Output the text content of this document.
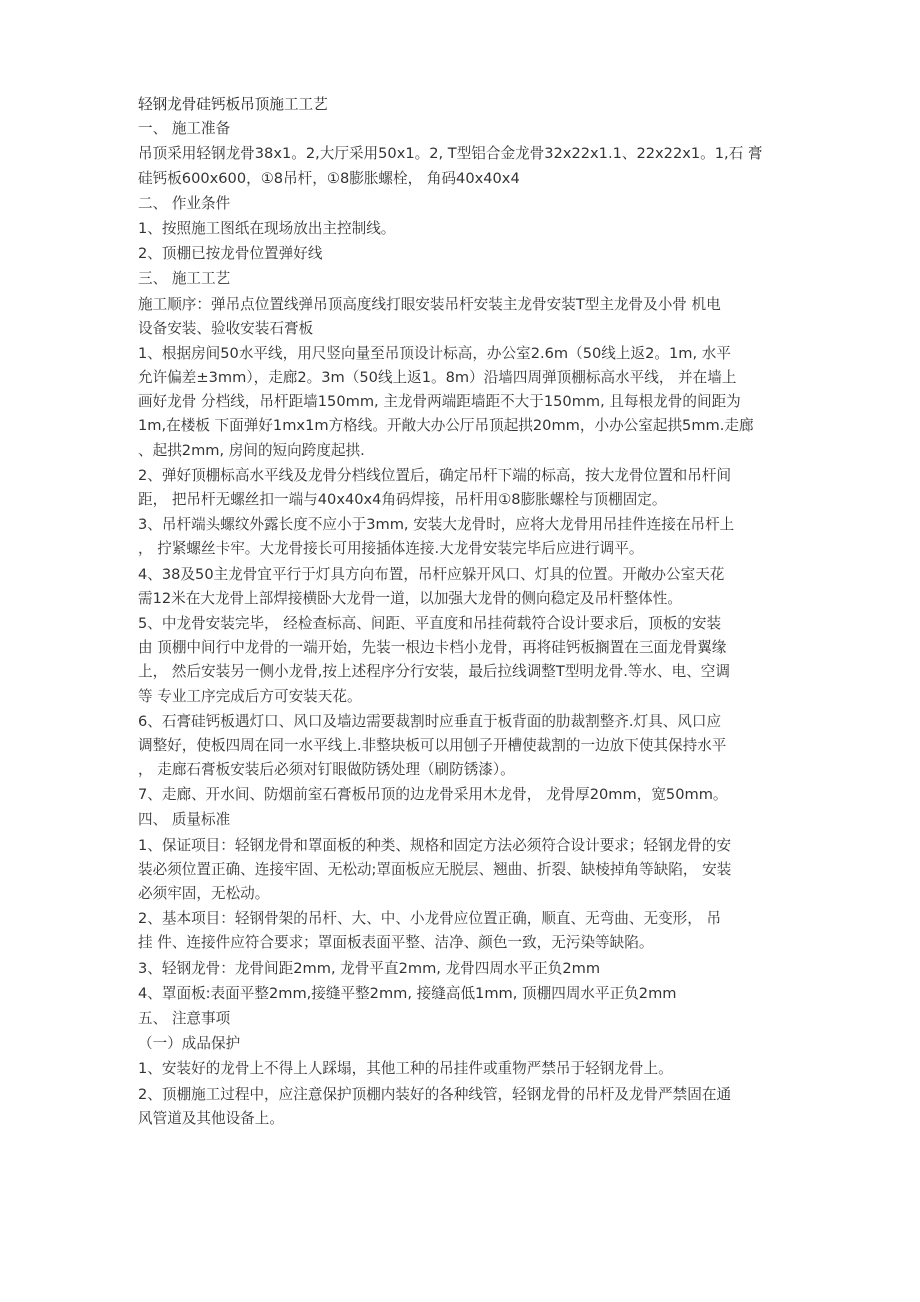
轻钢龙骨硅钙板吊顶施工工艺
一、 施工准备
吊顶采用轻钢龙骨38x1。2,大厅采用50x1。2, T型铝合金龙骨32x22x1.1、22x22x1。1,石 膏
硅钙板600x600，①8吊杆，①8膨胀螺栓， 角码40x40x4
二、 作业条件
1、按照施工图纸在现场放出主控制线。
2、顶棚已按龙骨位置弹好线
三、 施工工艺
施工顺序：弹吊点位置线弹吊顶高度线打眼安装吊杆安装主龙骨安装T型主龙骨及小骨 机电
设备安装、验收安装石膏板
1、根据房间50水平线，用尺竖向量至吊顶设计标高，办公室2.6m（50线上返2。1m, 水平
允许偏差±3mm），走廊2。3m（50线上返1。8m）沿墙四周弹顶棚标高水平线， 并在墙上
画好龙骨 分档线，吊杆距墙150mm, 主龙骨两端距墙距不大于150mm, 且每根龙骨的间距为
1m,在楼板 下面弹好1mx1m方格线。开敞大办公厅吊顶起拱20mm，小办公室起拱5mm.走廊
、起拱2mm, 房间的短向跨度起拱.
2、弹好顶棚标高水平线及龙骨分档线位置后，确定吊杆下端的标高，按大龙骨位置和吊杆间
距， 把吊杆无螺丝扣一端与40x40x4角码焊接，吊杆用①8膨胀螺栓与顶棚固定。
3、吊杆端头螺纹外露长度不应小于3mm, 安装大龙骨时，应将大龙骨用吊挂件连接在吊杆上
， 拧紧螺丝卡牢。大龙骨接长可用接插体连接.大龙骨安装完毕后应进行调平。
4、38及50主龙骨宜平行于灯具方向布置，吊杆应躲开风口、灯具的位置。开敞办公室天花
需12米在大龙骨上部焊接横卧大龙骨一道，以加强大龙骨的侧向稳定及吊杆整体性。
5、中龙骨安装完毕， 经检查标高、间距、平直度和吊挂荷载符合设计要求后，顶板的安装
由 顶棚中间行中龙骨的一端开始，先装一根边卡档小龙骨，再将硅钙板搁置在三面龙骨翼缘
上， 然后安装另一侧小龙骨,按上述程序分行安装，最后拉线调整T型明龙骨.等水、电、空调
等 专业工序完成后方可安装天花。
6、石膏硅钙板遇灯口、风口及墙边需要裁割时应垂直于板背面的肋裁割整齐.灯具、风口应
调整好，使板四周在同一水平线上.非整块板可以用刨子开槽使裁割的一边放下使其保持水平
， 走廊石膏板安装后必须对钉眼做防锈处理（刷防锈漆）。
7、走廊、开水间、防烟前室石膏板吊顶的边龙骨采用木龙骨， 龙骨厚20mm，宽50mm。
四、 质量标准
1、保证项目：轻钢龙骨和罩面板的种类、规格和固定方法必须符合设计要求；轻钢龙骨的安
装必须位置正确、连接牢固、无松动;罩面板应无脱层、翘曲、折裂、缺棱掉角等缺陷， 安装
必须牢固，无松动。
2、基本项目：轻钢骨架的吊杆、大、中、小龙骨应位置正确，顺直、无弯曲、无变形， 吊
挂 件、连接件应符合要求；罩面板表面平整、洁净、颜色一致，无污染等缺陷。
3、轻钢龙骨：龙骨间距2mm, 龙骨平直2mm, 龙骨四周水平正负2mm
4、罩面板:表面平整2mm,接缝平整2mm, 接缝高低1mm, 顶棚四周水平正负2mm
五、 注意事项
（一）成品保护
1、安装好的龙骨上不得上人踩塌，其他工种的吊挂件或重物严禁吊于轻钢龙骨上。
2、顶棚施工过程中，应注意保护顶棚内装好的各种线管，轻钢龙骨的吊杆及龙骨严禁固在通
风管道及其他设备上。
